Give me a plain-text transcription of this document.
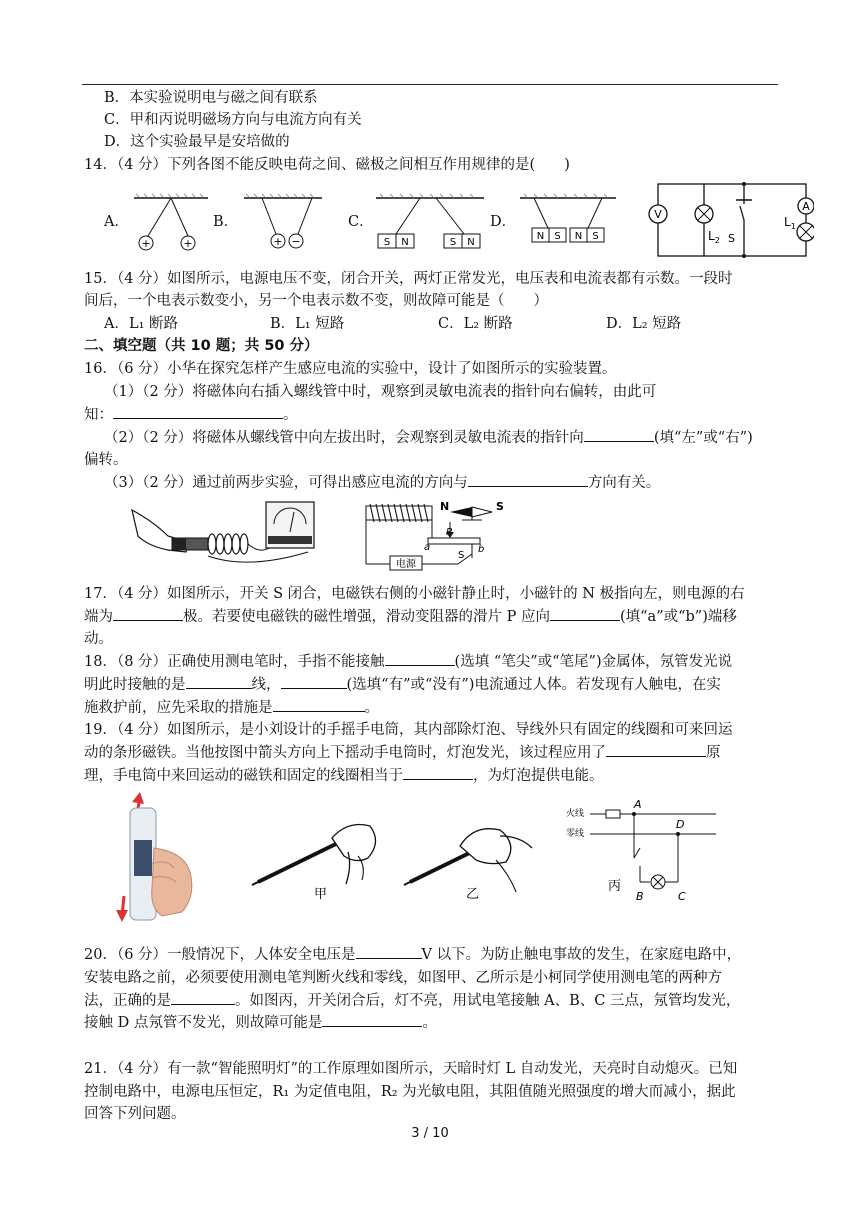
B．本实验说明电与磁之间有联系
C．甲和丙说明磁场方向与电流方向有关
D．这个实验最早是安培做的
14．（4 分）下列各图不能反映电荷之间、磁极之间相互作用规律的是(　　)
A．
+	+
B．
+ −
C．
S N	S N
D．
N S N S
V
$L_2$ S
A
$L_1$
15．（4 分）如图所示，电源电压不变，闭合开关，两灯正常发光，电压表和电流表都有示数。一段时
间后，一个电表示数变小，另一个电表示数不变，则故障可能是（　　）
A．L₁ 断路	B．L₁ 短路	C．L₂ 断路	D．L₂ 短路
二、填空题（共 10 题；共 50 分）
16．（6 分）小华在探究怎样产生感应电流的实验中，设计了如图所示的实验装置。
（1）（2 分）将磁体向右插入螺线管中时，观察到灵敏电流表的指针向右偏转，由此可
知：	。
（2）（2 分）将磁体从螺线管中向左拔出时，会观察到灵敏电流表的指针向	(填“左”或“右”)
偏转。
（3）（2 分）通过前两步实验，可得出感应电流的方向与	方向有关。
电源
P
a	b
S
N	S
17．（4 分）如图所示，开关 S 闭合，电磁铁右侧的小磁针静止时，小磁针的 N 极指向左，则电源的右
端为	极。若要使电磁铁的磁性增强，滑动变阻器的滑片 P 应向	(填“a”或“b”)端移
动。
18．（8 分）正确使用测电笔时，手指不能接触	(选填 “笔尖”或“笔尾”)金属体，氖管发光说
明此时接触的是	线，	(选填“有”或“没有”)电流通过人体。若发现有人触电，在实
施救护前，应先采取的措施是	。
19．（4 分）如图所示，是小刘设计的手摇手电筒，其内部除灯泡、导线外只有固定的线圈和可来回运
动的条形磁铁。当他按图中箭头方向上下摇动手电筒时，灯泡发光，该过程应用了	原
理，手电筒中来回运动的磁铁和固定的线圈相当于	，为灯泡提供电能。
甲	乙
火线
零线
A
B	C
D
丙
20．（6 分）一般情况下，人体安全电压是	V 以下。为防止触电事故的发生，在家庭电路中，
安装电路之前，必须要使用测电笔判断火线和零线，如图甲、乙所示是小柯同学使用测电笔的两种方
法，正确的是	。如图丙，开关闭合后，灯不亮，用试电笔接触 A、B、C 三点，氖管均发光，
接触 D 点氖管不发光，则故障可能是	。
21．（4 分）有一款“智能照明灯”的工作原理如图所示，天暗时灯 L 自动发光，天亮时自动熄灭。已知
控制电路中，电源电压恒定，R₁ 为定值电阻，R₂ 为光敏电阻，其阻值随光照强度的增大而减小，据此
回答下列问题。
3 / 10
